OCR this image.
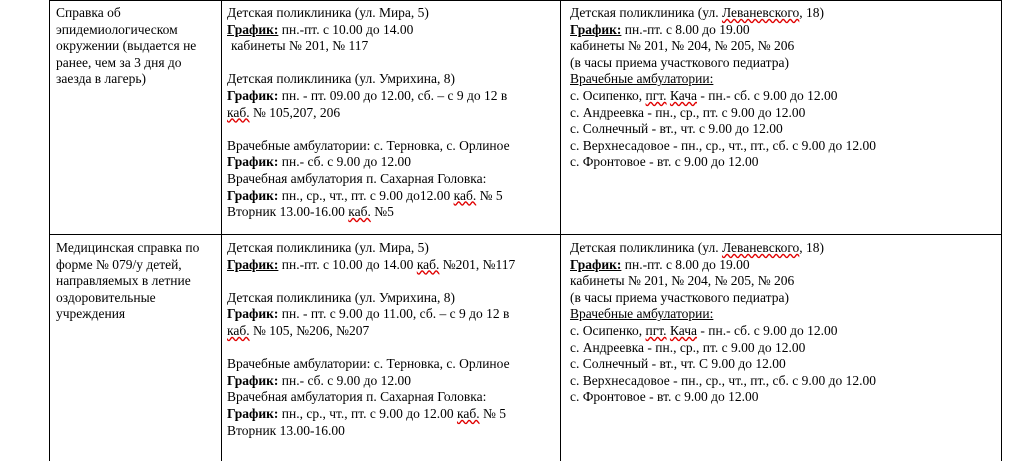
Справка об
эпидемиологическом
окружении (выдается не
ранее, чем за 3 дня до
заезда в лагерь)
Детская поликлиника (ул. Мира, 5)
График: пн.-пт. с 10.00 до 14.00
кабинеты № 201, № 117
Детская поликлиника (ул. Умрихина, 8)
График: пн. - пт. 09.00 до 12.00, сб. – с 9 до 12 в
каб. № 105,207, 206
Врачебные амбулатории: с. Терновка, с. Орлиное
График: пн.- сб. с 9.00 до 12.00
Врачебная амбулатория п. Сахарная Головка:
График: пн., ср., чт., пт. с 9.00 до12.00 каб. № 5
Вторник 13.00-16.00 каб. №5
Детская поликлиника (ул. Леваневского, 18)
График: пн.-пт. с 8.00 до 19.00
кабинеты № 201, № 204, № 205, № 206
(в часы приема участкового педиатра)
Врачебные амбулатории:
с. Осипенко, пгт. Кача - пн.- сб. с 9.00 до 12.00
с. Андреевка - пн., ср., пт. с 9.00 до 12.00
с. Солнечный - вт., чт. с 9.00 до 12.00
с. Верхнесадовое - пн., ср., чт., пт., сб. с 9.00 до 12.00
с. Фронтовое - вт. с 9.00 до 12.00
Медицинская справка по
форме № 079/у детей,
направляемых в летние
оздоровительные
учреждения
Детская поликлиника (ул. Мира, 5)
График: пн.-пт. с 10.00 до 14.00 каб. №201, №117
Детская поликлиника (ул. Умрихина, 8)
График: пн. - пт. с 9.00 до 11.00, сб. – с 9 до 12 в
каб. № 105, №206, №207
Врачебные амбулатории: с. Терновка, с. Орлиное
График: пн.- сб. с 9.00 до 12.00
Врачебная амбулатория п. Сахарная Головка:
График: пн., ср., чт., пт. с 9.00 до 12.00 каб. № 5
Вторник 13.00-16.00
Детская поликлиника (ул. Леваневского, 18)
График: пн.-пт. с 8.00 до 19.00
кабинеты № 201, № 204, № 205, № 206
(в часы приема участкового педиатра)
Врачебные амбулатории:
с. Осипенко, пгт. Кача - пн.- сб. с 9.00 до 12.00
с. Андреевка - пн., ср., пт. с 9.00 до 12.00
с. Солнечный - вт., чт. С 9.00 до 12.00
с. Верхнесадовое - пн., ср., чт., пт., сб. с 9.00 до 12.00
с. Фронтовое - вт. с 9.00 до 12.00
